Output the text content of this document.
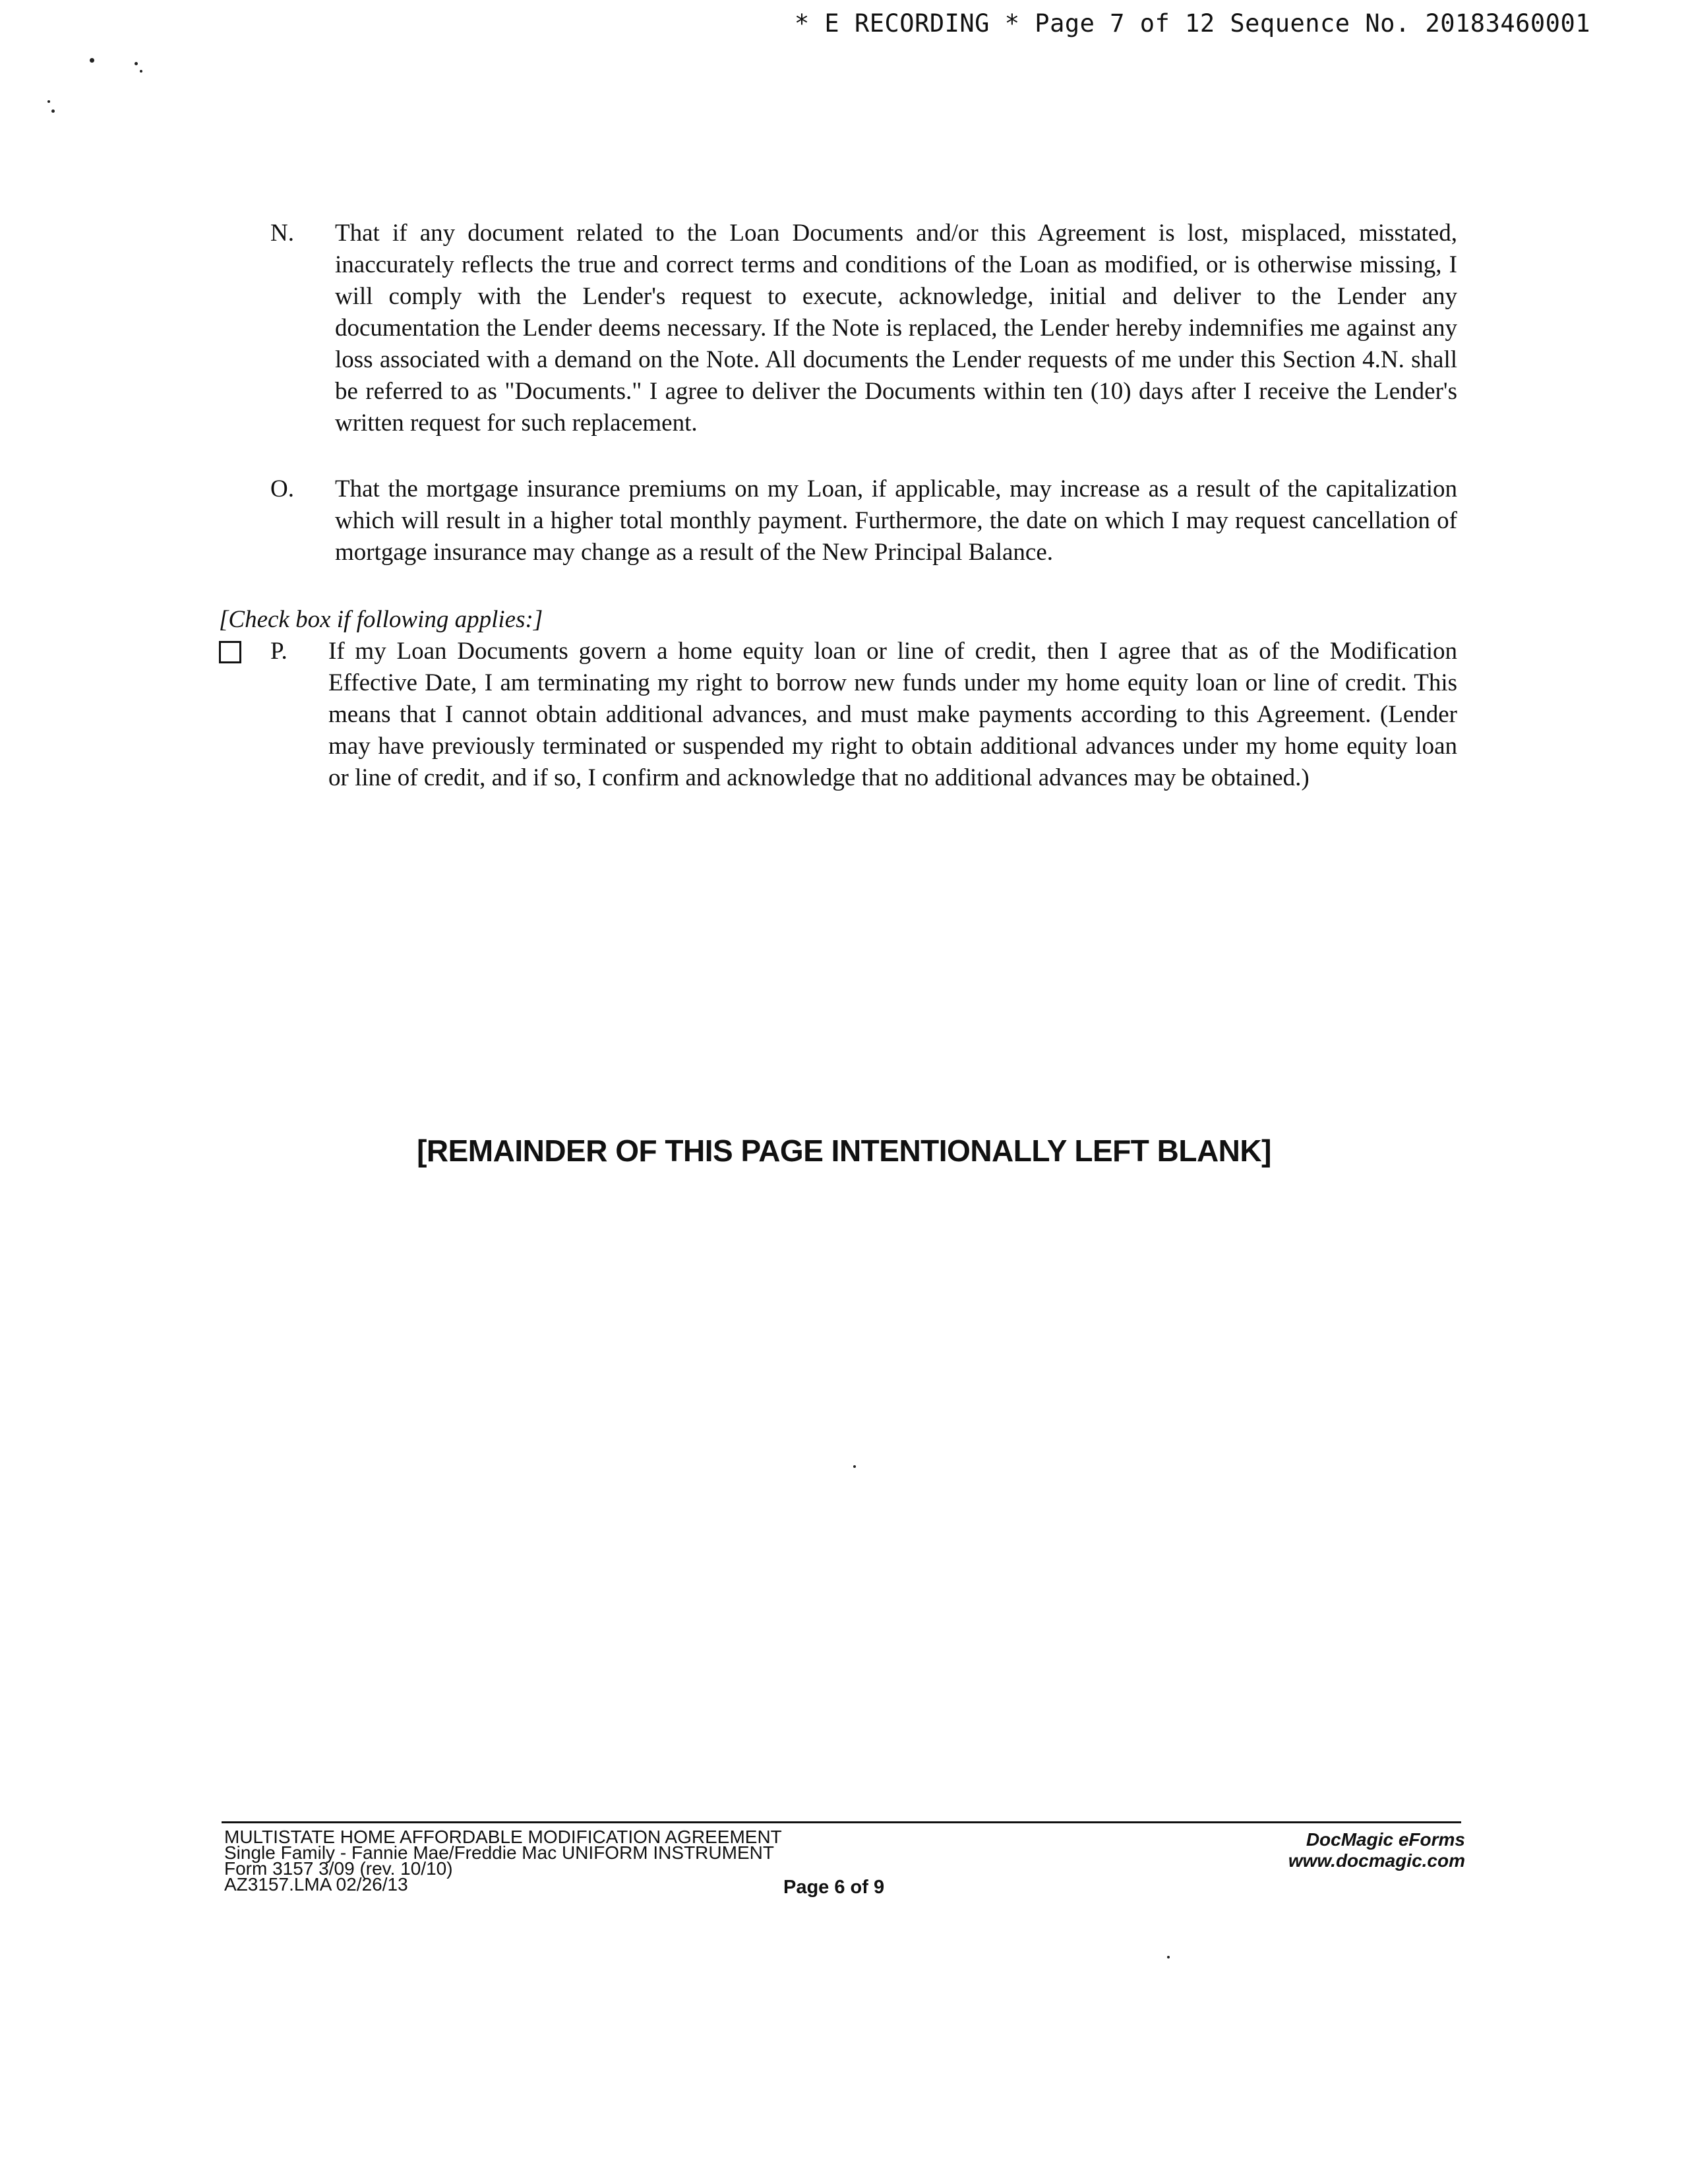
* E RECORDING * Page 7 of 12 Sequence No. 20183460001
N.	That if any document related to the Loan Documents and/or this Agreement is lost, misplaced, misstated, inaccurately reflects the true and correct terms and conditions of the Loan as modified, or is otherwise missing, I will comply with the Lender's request to execute, acknowledge, initial and deliver to the Lender any documentation the Lender deems necessary. If the Note is replaced, the Lender hereby indemnifies me against any loss associated with a demand on the Note. All documents the Lender requests of me under this Section 4.N. shall be referred to as "Documents." I agree to deliver the Documents within ten (10) days after I receive the Lender's written request for such replacement.
O.	That the mortgage insurance premiums on my Loan, if applicable, may increase as a result of the capitalization which will result in a higher total monthly payment. Furthermore, the date on which I may request cancellation of mortgage insurance may change as a result of the New Principal Balance.
[Check box if following applies:]
P.	If my Loan Documents govern a home equity loan or line of credit, then I agree that as of the Modification Effective Date, I am terminating my right to borrow new funds under my home equity loan or line of credit. This means that I cannot obtain additional advances, and must make payments according to this Agreement. (Lender may have previously terminated or suspended my right to obtain additional advances under my home equity loan or line of credit, and if so, I confirm and acknowledge that no additional advances may be obtained.)
[REMAINDER OF THIS PAGE INTENTIONALLY LEFT BLANK]
MULTISTATE HOME AFFORDABLE MODIFICATION AGREEMENT
Single Family - Fannie Mae/Freddie Mac UNIFORM INSTRUMENT
Form 3157 3/09 (rev. 10/10)
AZ3157.LMA 02/26/13	Page 6 of 9
DocMagic eForms
www.docmagic.com
